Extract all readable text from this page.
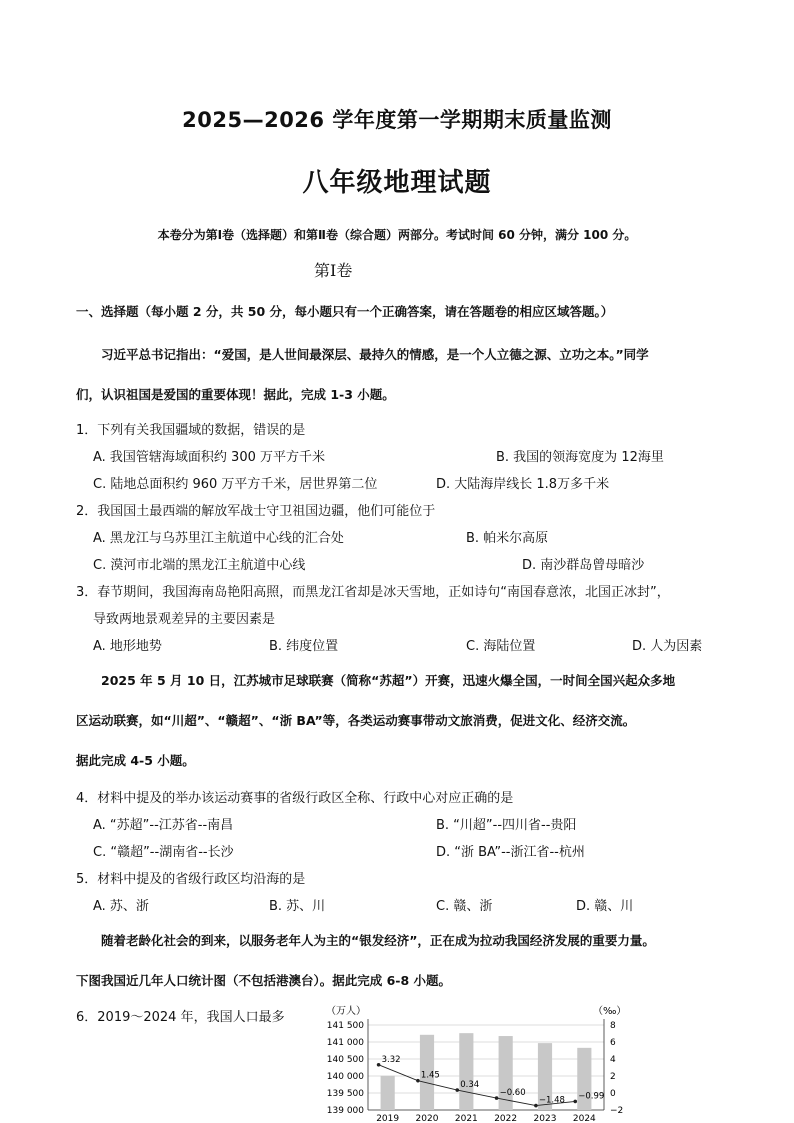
2025—2026 学年度第一学期期末质量监测
八年级地理试题
本卷分为第Ⅰ卷（选择题）和第Ⅱ卷（综合题）两部分。考试时间 60 分钟，满分 100 分。
第Ⅰ卷
一、选择题（每小题 2 分，共 50 分，每小题只有一个正确答案，请在答题卷的相应区域答题。）
习近平总书记指出：“爱国，是人世间最深层、最持久的情感，是一个人立德之源、立功之本。”同学
们，认识祖国是爱国的重要体现！据此，完成 1-3 小题。
1．下列有关我国疆域的数据，错误的是
A. 我国管辖海域面积约 300 万平方千米	B. 我国的领海宽度为 12海里
C. 陆地总面积约 960 万平方千米，居世界第二位	D. 大陆海岸线长 1.8万多千米
2．我国国土最西端的解放军战士守卫祖国边疆，他们可能位于
A. 黑龙江与乌苏里江主航道中心线的汇合处	B. 帕米尔高原
C. 漠河市北端的黑龙江主航道中心线	D. 南沙群岛曾母暗沙
3．春节期间，我国海南岛艳阳高照，而黑龙江省却是冰天雪地，正如诗句“南国春意浓，北国正冰封”，
导致两地景观差异的主要因素是
A. 地形地势	B. 纬度位置	C. 海陆位置	D. 人为因素
2025 年 5 月 10 日，江苏城市足球联赛（简称“苏超”）开赛，迅速火爆全国，一时间全国兴起众多地
区运动联赛，如“川超”、“赣超”、“浙 BA”等，各类运动赛事带动文旅消费，促进文化、经济交流。
据此完成 4-5 小题。
4．材料中提及的举办该运动赛事的省级行政区全称、行政中心对应正确的是
A. “苏超”--江苏省--南昌	B. “川超”--四川省--贵阳
C. “赣超”--湖南省--长沙	D. “浙 BA”--浙江省--杭州
5．材料中提及的省级行政区均沿海的是
A. 苏、浙	B. 苏、川	C. 赣、浙	D. 赣、川
随着老龄化社会的到来，以服务老年人为主的“银发经济”，正在成为拉动我国经济发展的重要力量。
下图我国近几年人口统计图（不包括港澳台）。据此完成 6-8 小题。
6．2019～2024 年，我国人口最多	（万人）	（‰）
141 500
141 000
140 500
140 000
139 500
139 000
8
6
4
2
0
−2
2019 2020 2021 2022 2023 2024
3.32
1.45
0.34
−0.60
−1.48 −0.99
